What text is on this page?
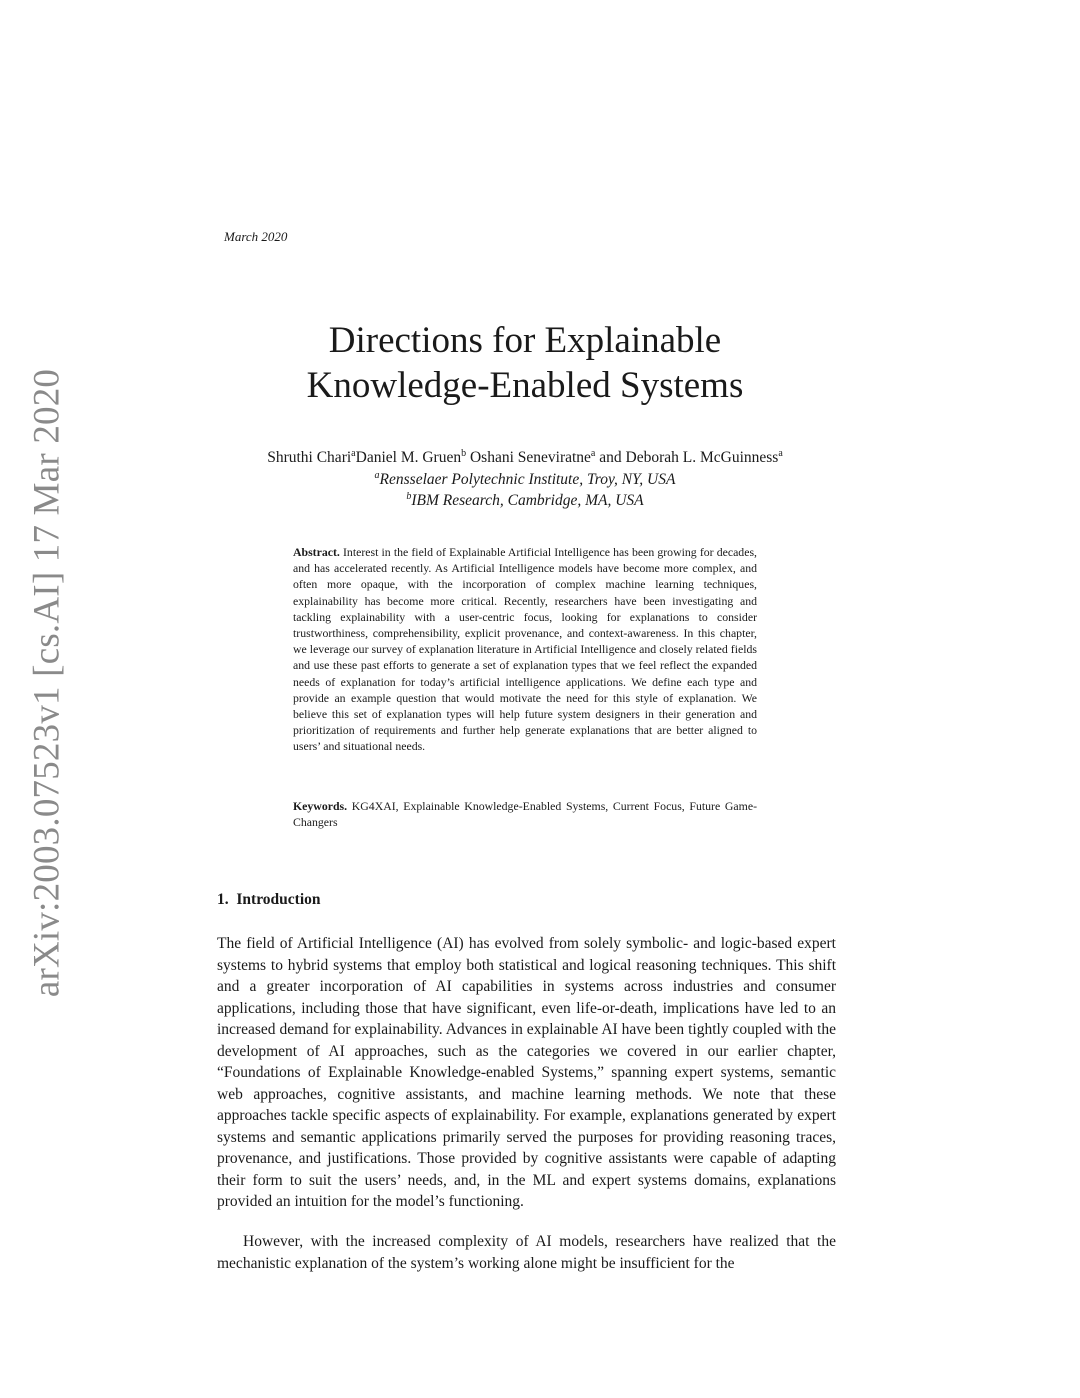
arXiv:2003.07523v1 [cs.AI] 17 Mar 2020
March 2020
Directions for Explainable
Knowledge-Enabled Systems
Shruthi Chari$^a$Daniel M. Gruen$^b$ Oshani Seneviratne$^a$ and Deborah L. McGuinness$^a$
$^a$Rensselaer Polytechnic Institute, Troy, NY, USA
$^b$IBM Research, Cambridge, MA, USA

Abstract. Interest in the field of Explainable Artificial Intelligence has been growing for decades, and has accelerated recently. As Artificial Intelligence models have become more complex, and often more opaque, with the incorporation of complex machine learning techniques, explainability has become more critical. Recently, researchers have been investigating and tackling explainability with a user-centric focus, looking for explanations to consider trustworthiness, comprehensibility, explicit provenance, and context-awareness. In this chapter, we leverage our survey of explanation literature in Artificial Intelligence and closely related fields and use these past efforts to generate a set of explanation types that we feel reflect the expanded needs of explanation for today’s artificial intelligence applications. We define each type and provide an example question that would motivate the need for this style of explanation. We believe this set of explanation types will help future system designers in their generation and prioritization of requirements and further help generate explanations that are better aligned to users’ and situational needs.

Keywords. KG4XAI, Explainable Knowledge-Enabled Systems, Current Focus, Future Game-Changers

1. Introduction

The field of Artificial Intelligence (AI) has evolved from solely symbolic- and logic-based expert systems to hybrid systems that employ both statistical and logical reasoning techniques. This shift and a greater incorporation of AI capabilities in systems across industries and consumer applications, including those that have significant, even life-or-death, implications have led to an increased demand for explainability. Advances in explainable AI have been tightly coupled with the development of AI approaches, such as the categories we covered in our earlier chapter, “Foundations of Explainable Knowledge-enabled Systems,” spanning expert systems, semantic web approaches, cognitive assistants, and machine learning methods. We note that these approaches tackle specific aspects of explainability. For example, explanations generated by expert systems and semantic applications primarily served the purposes for providing reasoning traces, provenance, and justifications. Those provided by cognitive assistants were capable of adapting their form to suit the users’ needs, and, in the ML and expert systems domains, explanations provided an intuition for the model’s functioning.

However, with the increased complexity of AI models, researchers have realized that the mechanistic explanation of the system’s working alone might be insufficient for the
